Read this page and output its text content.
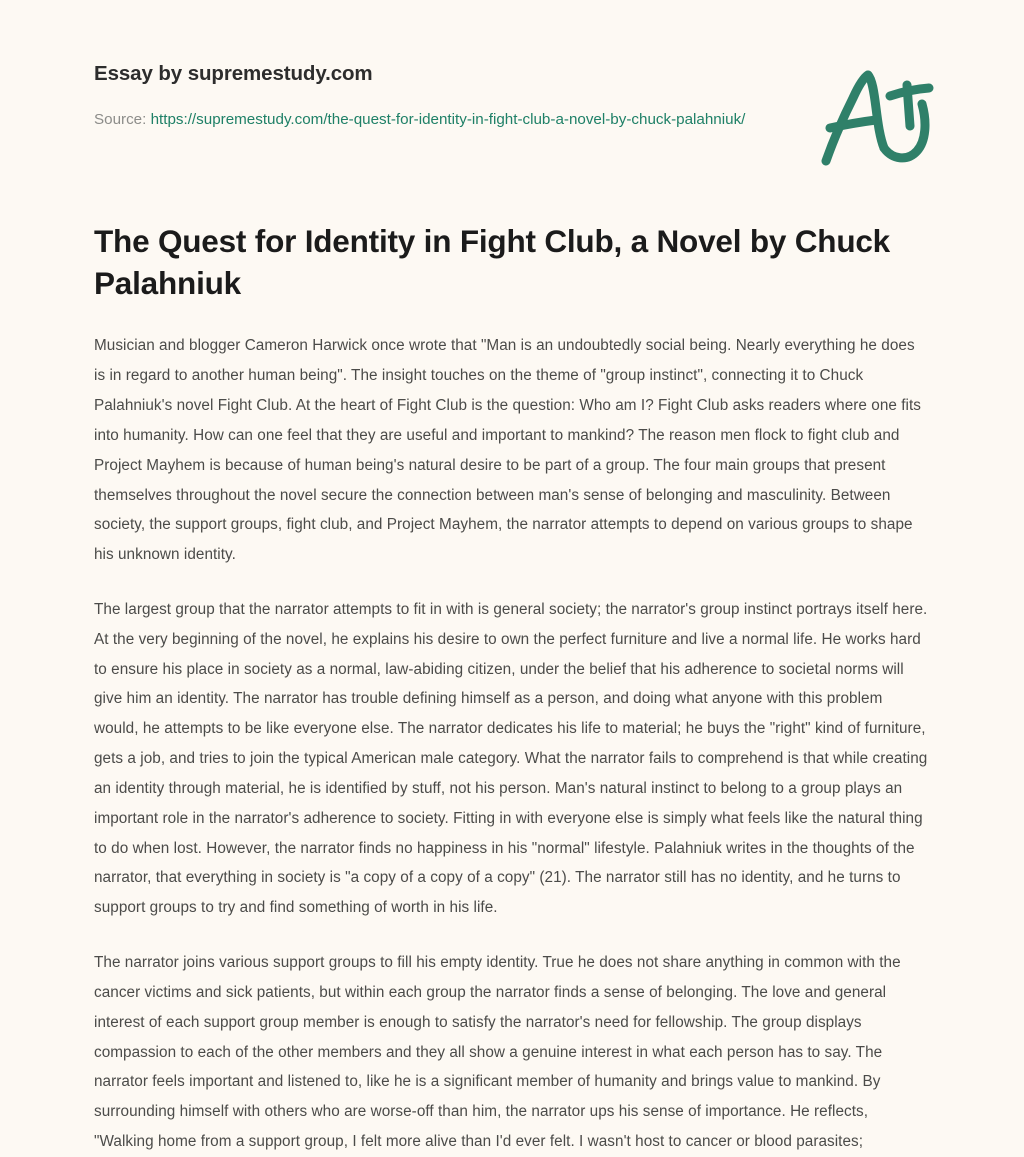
Essay by supremestudy.com
Source: https://supremestudy.com/the-quest-for-identity-in-fight-club-a-novel-by-chuck-palahniuk/
The Quest for Identity in Fight Club, a Novel by Chuck Palahniuk

Musician and blogger Cameron Harwick once wrote that "Man is an undoubtedly social being. Nearly everything he does is in regard to another human being". The insight touches on the theme of "group instinct", connecting it to Chuck Palahniuk's novel Fight Club. At the heart of Fight Club is the question: Who am I? Fight Club asks readers where one fits into humanity. How can one feel that they are useful and important to mankind? The reason men flock to fight club and Project Mayhem is because of human being's natural desire to be part of a group. The four main groups that present themselves throughout the novel secure the connection between man's sense of belonging and masculinity. Between society, the support groups, fight club, and Project Mayhem, the narrator attempts to depend on various groups to shape his unknown identity.

The largest group that the narrator attempts to fit in with is general society; the narrator's group instinct portrays itself here. At the very beginning of the novel, he explains his desire to own the perfect furniture and live a normal life. He works hard to ensure his place in society as a normal, law-abiding citizen, under the belief that his adherence to societal norms will give him an identity. The narrator has trouble defining himself as a person, and doing what anyone with this problem would, he attempts to be like everyone else. The narrator dedicates his life to material; he buys the "right" kind of furniture, gets a job, and tries to join the typical American male category. What the narrator fails to comprehend is that while creating an identity through material, he is identified by stuff, not his person. Man's natural instinct to belong to a group plays an important role in the narrator's adherence to society. Fitting in with everyone else is simply what feels like the natural thing to do when lost. However, the narrator finds no happiness in his "normal" lifestyle. Palahniuk writes in the thoughts of the narrator, that everything in society is "a copy of a copy of a copy" (21). The narrator still has no identity, and he turns to support groups to try and find something of worth in his life.

The narrator joins various support groups to fill his empty identity. True he does not share anything in common with the cancer victims and sick patients, but within each group the narrator finds a sense of belonging. The love and general interest of each support group member is enough to satisfy the narrator's need for fellowship. The group displays compassion to each of the other members and they all show a genuine interest in what each person has to say. The narrator feels important and listened to, like he is a significant member of humanity and brings value to mankind. By surrounding himself with others who are worse-off than him, the narrator ups his sense of importance. He reflects, "Walking home from a support group, I felt more alive than I'd ever felt. I wasn't host to cancer or blood parasites;
